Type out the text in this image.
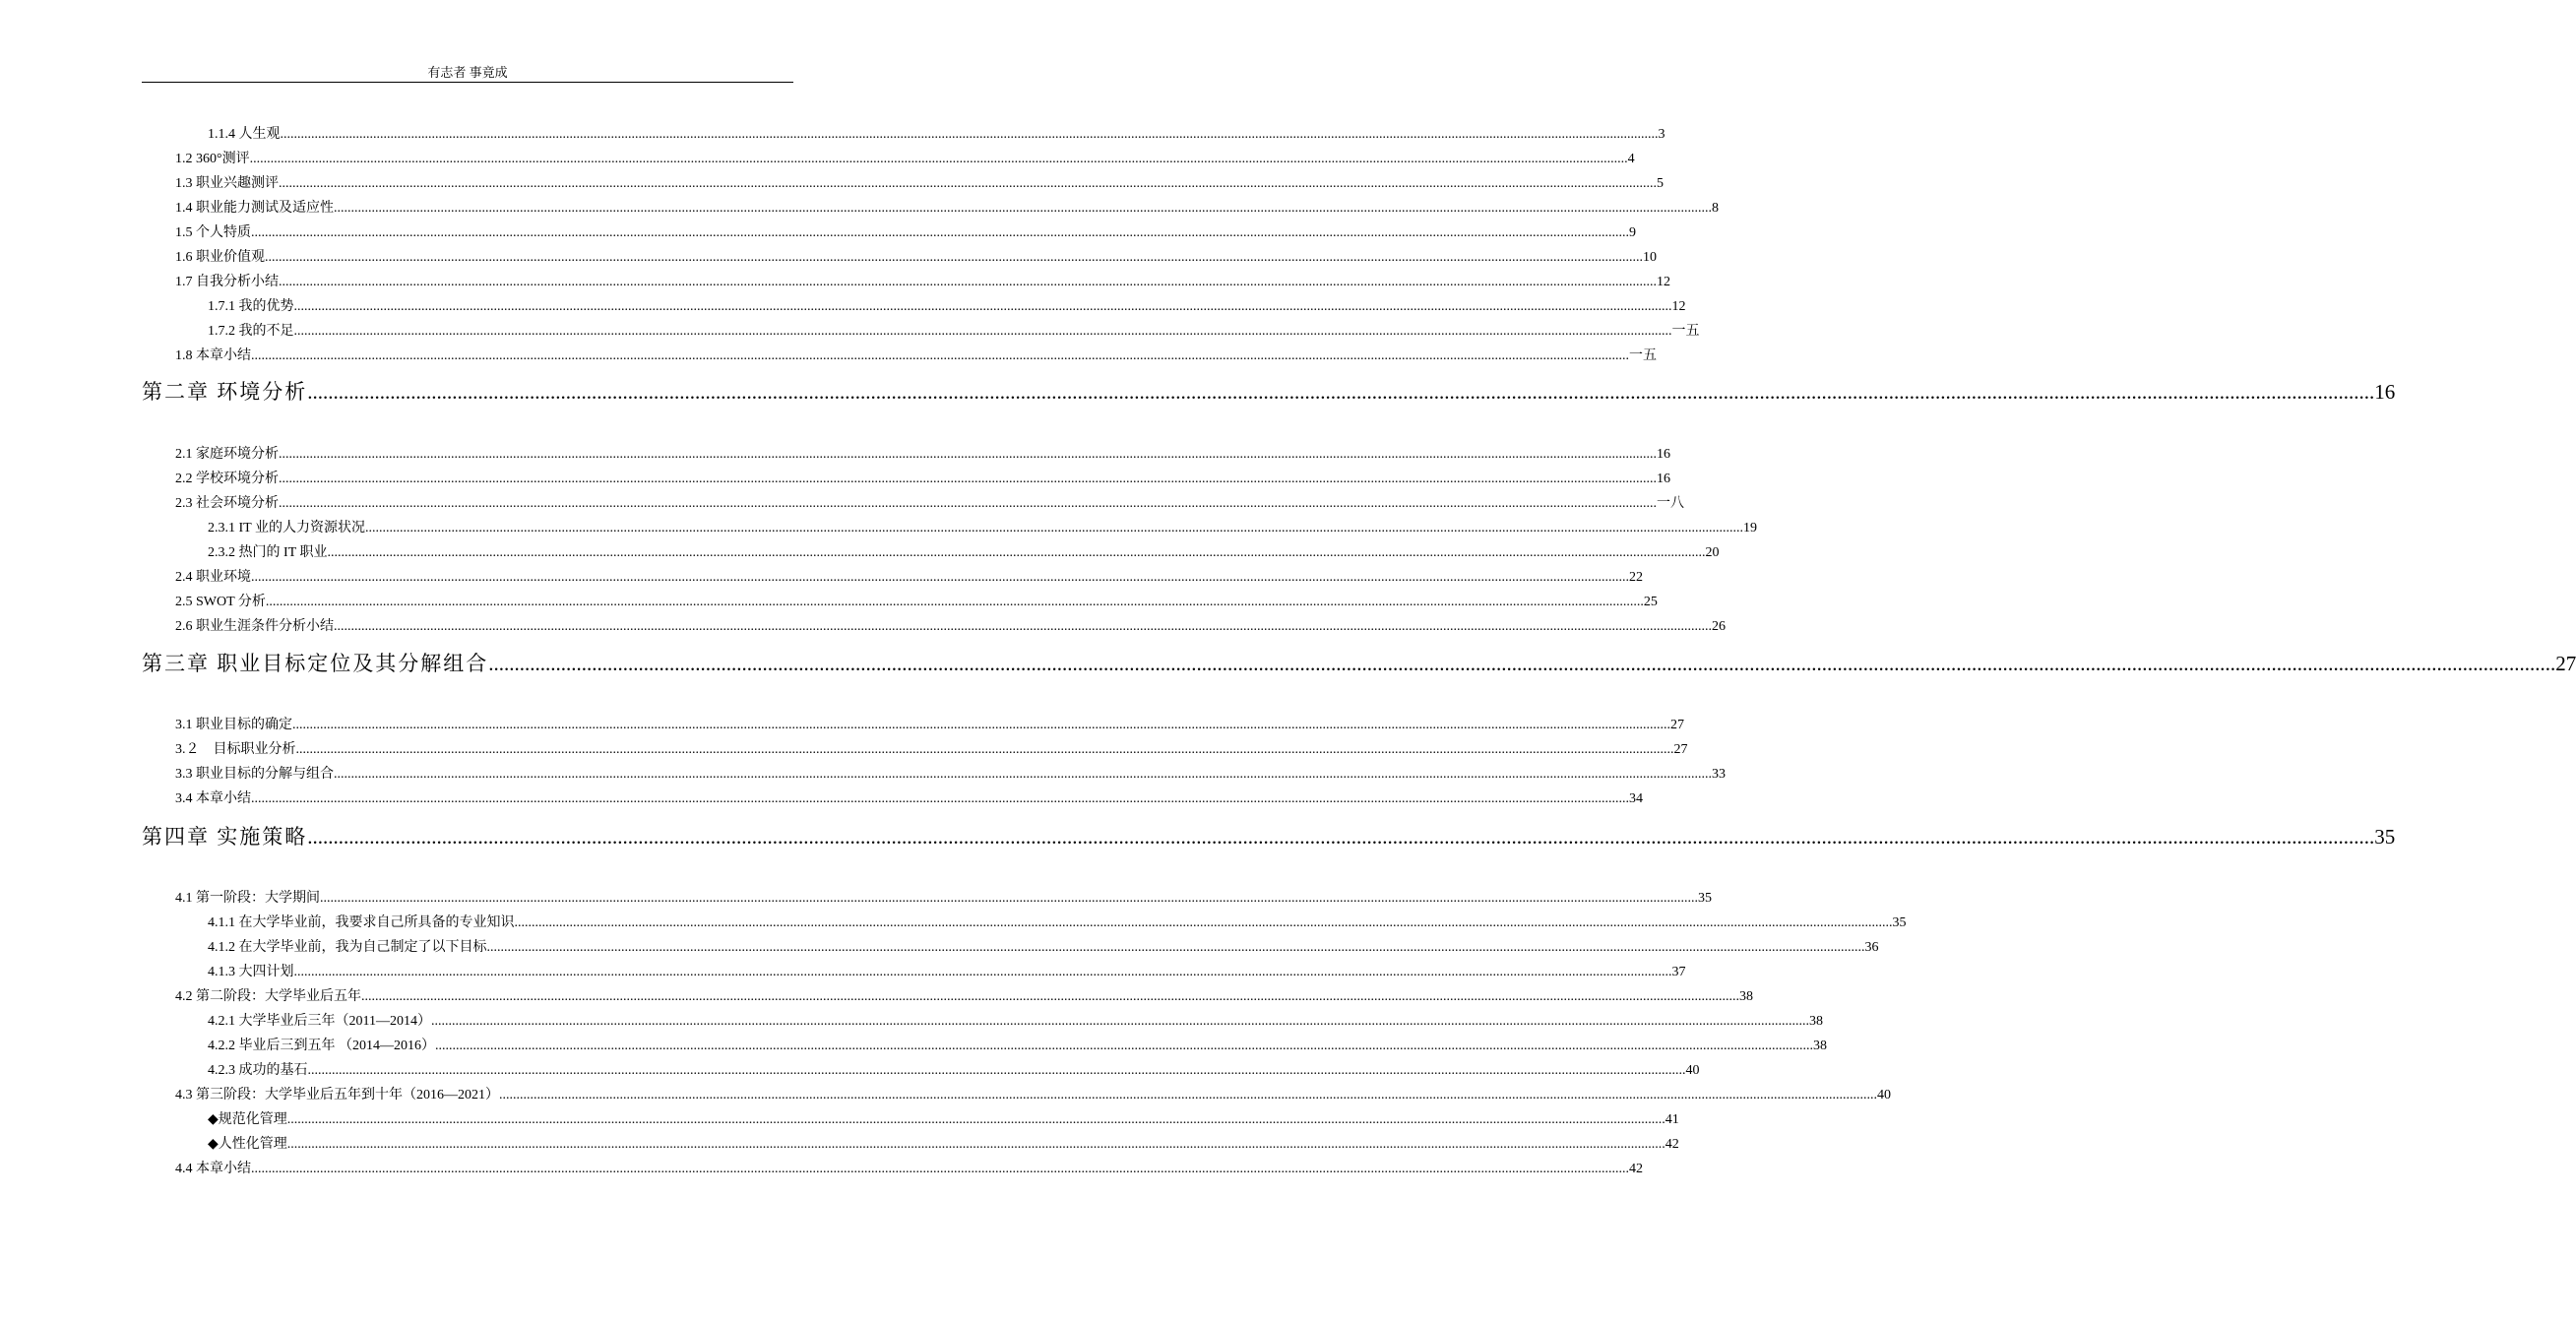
有志者 事竟成
1.1.4 人生观 ................................................................................................................................................................................................................................................................................................................................................................................................................ 3
1.2 360°测评 ................................................................................................................................................................................................................................................................................................................................................................................................................ 4
1.3 职业兴趣测评 ................................................................................................................................................................................................................................................................................................................................................................................................................ 5
1.4 职业能力测试及适应性 ................................................................................................................................................................................................................................................................................................................................................................................................................ 8
1.5 个人特质 ................................................................................................................................................................................................................................................................................................................................................................................................................ 9
1.6 职业价值观 ................................................................................................................................................................................................................................................................................................................................................................................................................ 10
1.7 自我分析小结 ................................................................................................................................................................................................................................................................................................................................................................................................................ 12
1.7.1 我的优势 ................................................................................................................................................................................................................................................................................................................................................................................................................ 12
1.7.2 我的不足 ................................................................................................................................................................................................................................................................................................................................................................................................................ 一五
1.8 本章小结 ................................................................................................................................................................................................................................................................................................................................................................................................................ 一五
第二章 环境分析 ................................................................................................................................................................................................................................................................................................................................................................................................................ 16
2.1 家庭环境分析 ................................................................................................................................................................................................................................................................................................................................................................................................................ 16
2.2 学校环境分析 ................................................................................................................................................................................................................................................................................................................................................................................................................ 16
2.3 社会环境分析 ................................................................................................................................................................................................................................................................................................................................................................................................................ 一八
2.3.1 IT 业的人力资源状况 ................................................................................................................................................................................................................................................................................................................................................................................................................ 19
2.3.2 热门的 IT 职业 ................................................................................................................................................................................................................................................................................................................................................................................................................ 20
2.4 职业环境 ................................................................................................................................................................................................................................................................................................................................................................................................................ 22
2.5 SWOT 分析 ................................................................................................................................................................................................................................................................................................................................................................................................................ 25
2.6 职业生涯条件分析小结 ................................................................................................................................................................................................................................................................................................................................................................................................................ 26
第三章 职业目标定位及其分解组合 ................................................................................................................................................................................................................................................................................................................................................................................................................ 27
3.1 职业目标的确定 ................................................................................................................................................................................................................................................................................................................................................................................................................ 27
3.２　目标职业分析 ................................................................................................................................................................................................................................................................................................................................................................................................................ 27
3.3 职业目标的分解与组合 ................................................................................................................................................................................................................................................................................................................................................................................................................ 33
3.4 本章小结 ................................................................................................................................................................................................................................................................................................................................................................................................................ 34
第四章 实施策略 ................................................................................................................................................................................................................................................................................................................................................................................................................ 35
4.1 第一阶段：大学期间 ................................................................................................................................................................................................................................................................................................................................................................................................................ 35
4.1.1 在大学毕业前，我要求自己所具备的专业知识 ................................................................................................................................................................................................................................................................................................................................................................................................................ 35
4.1.2 在大学毕业前，我为自己制定了以下目标 ................................................................................................................................................................................................................................................................................................................................................................................................................ 36
4.1.3 大四计划 ................................................................................................................................................................................................................................................................................................................................................................................................................ 37
4.2 第二阶段：大学毕业后五年 ................................................................................................................................................................................................................................................................................................................................................................................................................ 38
4.2.1 大学毕业后三年（2011—2014） ................................................................................................................................................................................................................................................................................................................................................................................................................ 38
4.2.2 毕业后三到五年 （2014—2016） ................................................................................................................................................................................................................................................................................................................................................................................................................ 38
4.2.3 成功的基石 ................................................................................................................................................................................................................................................................................................................................................................................................................ 40
4.3 第三阶段：大学毕业后五年到十年（2016—2021） ................................................................................................................................................................................................................................................................................................................................................................................................................ 40
◆规范化管理 ................................................................................................................................................................................................................................................................................................................................................................................................................ 41
◆人性化管理 ................................................................................................................................................................................................................................................................................................................................................................................................................ 42
4.4 本章小结 ................................................................................................................................................................................................................................................................................................................................................................................................................ 42
